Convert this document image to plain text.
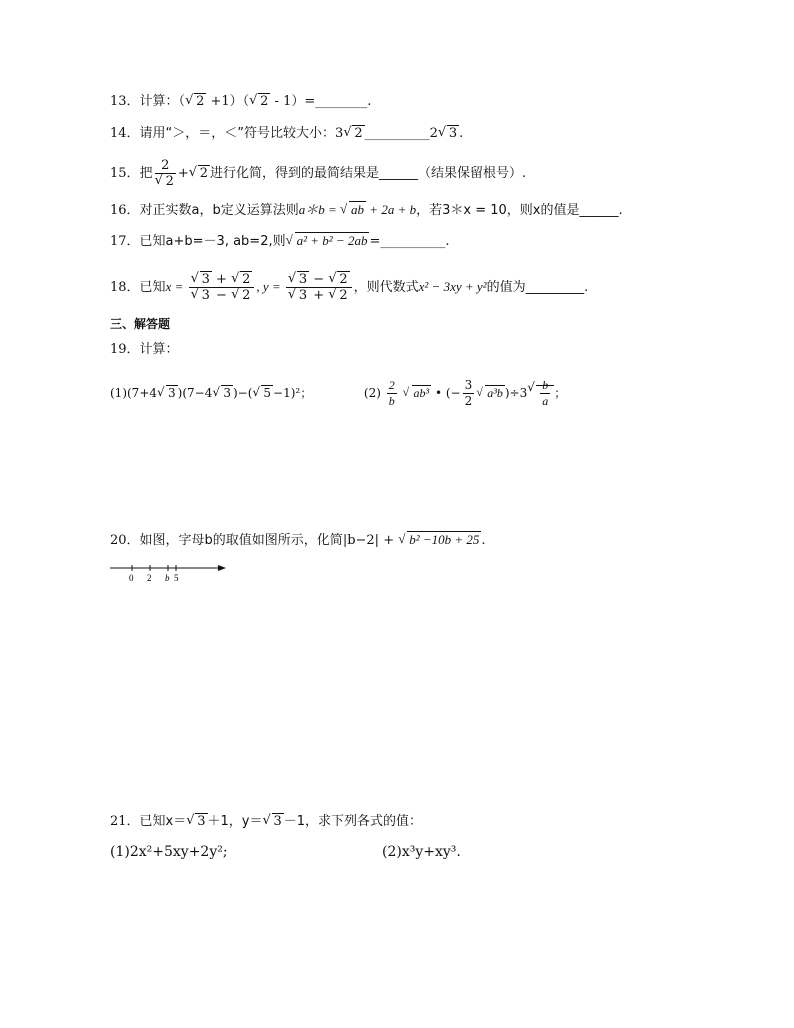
13．计算：（ √ 2 +1）（ √ 2 - 1）=________.
14．请用“＞，＝，＜”符号比较大小：3 √ 2 __________2 √ 3 .
15．把 2
√ 2 + √ 2 进行化简，得到的最简结果是______（结果保留根号）.
16．对正实数a，b定义运算法则a＊b = √ ab + 2a + b，若3＊x = 10，则x的值是______.
17．已知a+b=－3, ab=2,则 √ a² + b² − 2ab =__________.
18．已知x = √ 3 + √ 2
√ 3 − √ 2 , y = √ 3 − √ 2
√ 3 + √ 2 ，则代数式x² − 3xy + y²的值为_________.
三、解答题
19．计算：
(1)(7+4 √ 3 )(7−4 √ 3 )−( √ 5 −1)²；	$(2) \frac{2}{b}$ √ ab³ • (− $\frac{3}{2}$ √ a³b )÷3 √ $\frac{b}{a}$ ；
20．如图，字母b的取值如图所示，化简|b−2| + √ b² −10b + 25 .
0 2 b 5
21．已知x＝ √ 3 ＋1，y＝ √ 3 －1，求下列各式的值：
(1)2x²+5xy+2y²;	(2)x³y+xy³.
